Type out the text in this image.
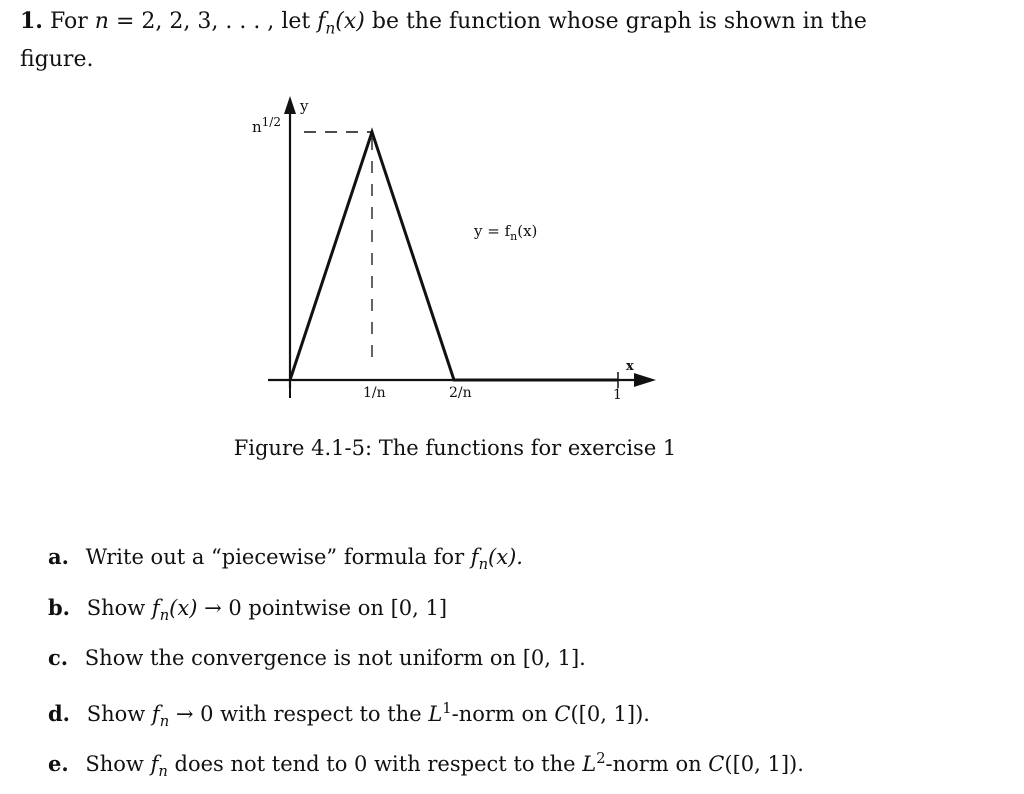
1. For n = 2, 2, 3, . . . , let $f_n(x)$ be the function whose graph is shown in the figure.
y
x
$n^{1/2}$
1/n	2/n	1
$y = f_n(x)$
Figure 4.1-5: The functions for exercise 1
a. Write out a “piecewise” formula for $f_n(x)$.
b. Show $f_n(x) \to 0$ pointwise on [0, 1]
c. Show the convergence is not uniform on [0, 1].
d. Show $f_n \to 0$ with respect to the $L^1$-norm on C([0, 1]).
e. Show $f_n$ does not tend to 0 with respect to the $L^2$-norm on C([0, 1]).
